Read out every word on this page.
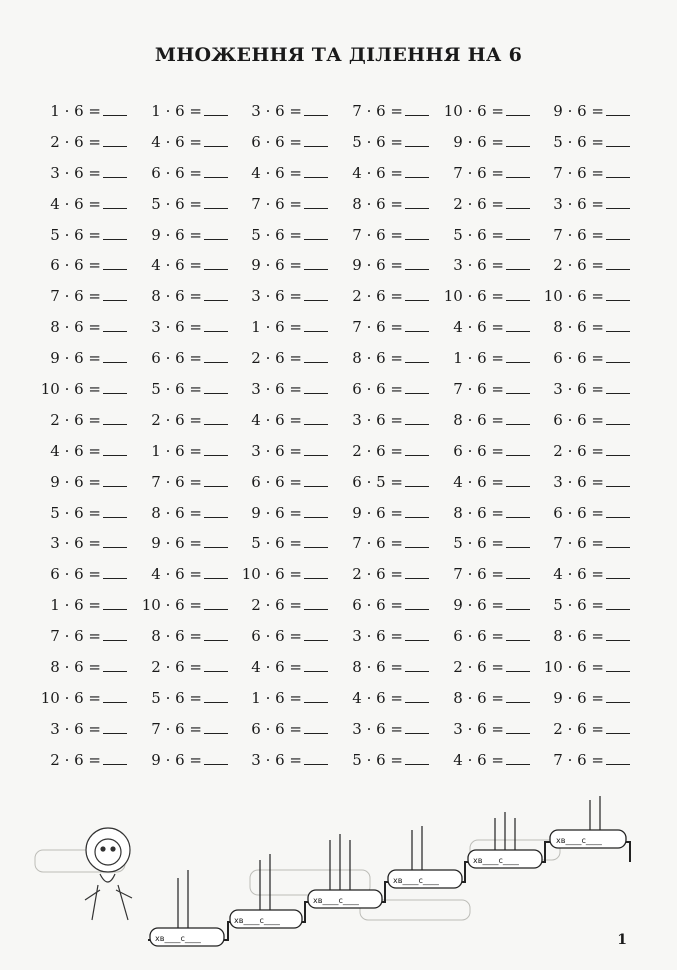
МНОЖЕННЯ ТА ДІЛЕННЯ НА 6
1 · 6 =	1 · 6 =	3 · 6 =	7 · 6 =	10 · 6 =	9 · 6 =
2 · 6 =	4 · 6 =	6 · 6 =	5 · 6 =	9 · 6 =	5 · 6 =
3 · 6 =	6 · 6 =	4 · 6 =	4 · 6 =	7 · 6 =	7 · 6 =
4 · 6 =	5 · 6 =	7 · 6 =	8 · 6 =	2 · 6 =	3 · 6 =
5 · 6 =	9 · 6 =	5 · 6 =	7 · 6 =	5 · 6 =	7 · 6 =
6 · 6 =	4 · 6 =	9 · 6 =	9 · 6 =	3 · 6 =	2 · 6 =
7 · 6 =	8 · 6 =	3 · 6 =	2 · 6 =	10 · 6 =	10 · 6 =
8 · 6 =	3 · 6 =	1 · 6 =	7 · 6 =	4 · 6 =	8 · 6 =
9 · 6 =	6 · 6 =	2 · 6 =	8 · 6 =	1 · 6 =	6 · 6 =
10 · 6 =	5 · 6 =	3 · 6 =	6 · 6 =	7 · 6 =	3 · 6 =
2 · 6 =	2 · 6 =	4 · 6 =	3 · 6 =	8 · 6 =	6 · 6 =
4 · 6 =	1 · 6 =	3 · 6 =	2 · 6 =	6 · 6 =	2 · 6 =
9 · 6 =	7 · 6 =	6 · 6 =	6 · 5 =	4 · 6 =	3 · 6 =
5 · 6 =	8 · 6 =	9 · 6 =	9 · 6 =	8 · 6 =	6 · 6 =
3 · 6 =	9 · 6 =	5 · 6 =	7 · 6 =	5 · 6 =	7 · 6 =
6 · 6 =	4 · 6 =	10 · 6 =	2 · 6 =	7 · 6 =	4 · 6 =
1 · 6 =	10 · 6 =	2 · 6 =	6 · 6 =	9 · 6 =	5 · 6 =
7 · 6 =	8 · 6 =	6 · 6 =	3 · 6 =	6 · 6 =	8 · 6 =
8 · 6 =	2 · 6 =	4 · 6 =	8 · 6 =	2 · 6 =	10 · 6 =
10 · 6 =	5 · 6 =	1 · 6 =	4 · 6 =	8 · 6 =	9 · 6 =
3 · 6 =	7 · 6 =	6 · 6 =	3 · 6 =	3 · 6 =	2 · 6 =
2 · 6 =	9 · 6 =	3 · 6 =	5 · 6 =	4 · 6 =	7 · 6 =
хв____с____
хв____с____
хв____с____
хв____с____
хв____с____
хв____с____
1
